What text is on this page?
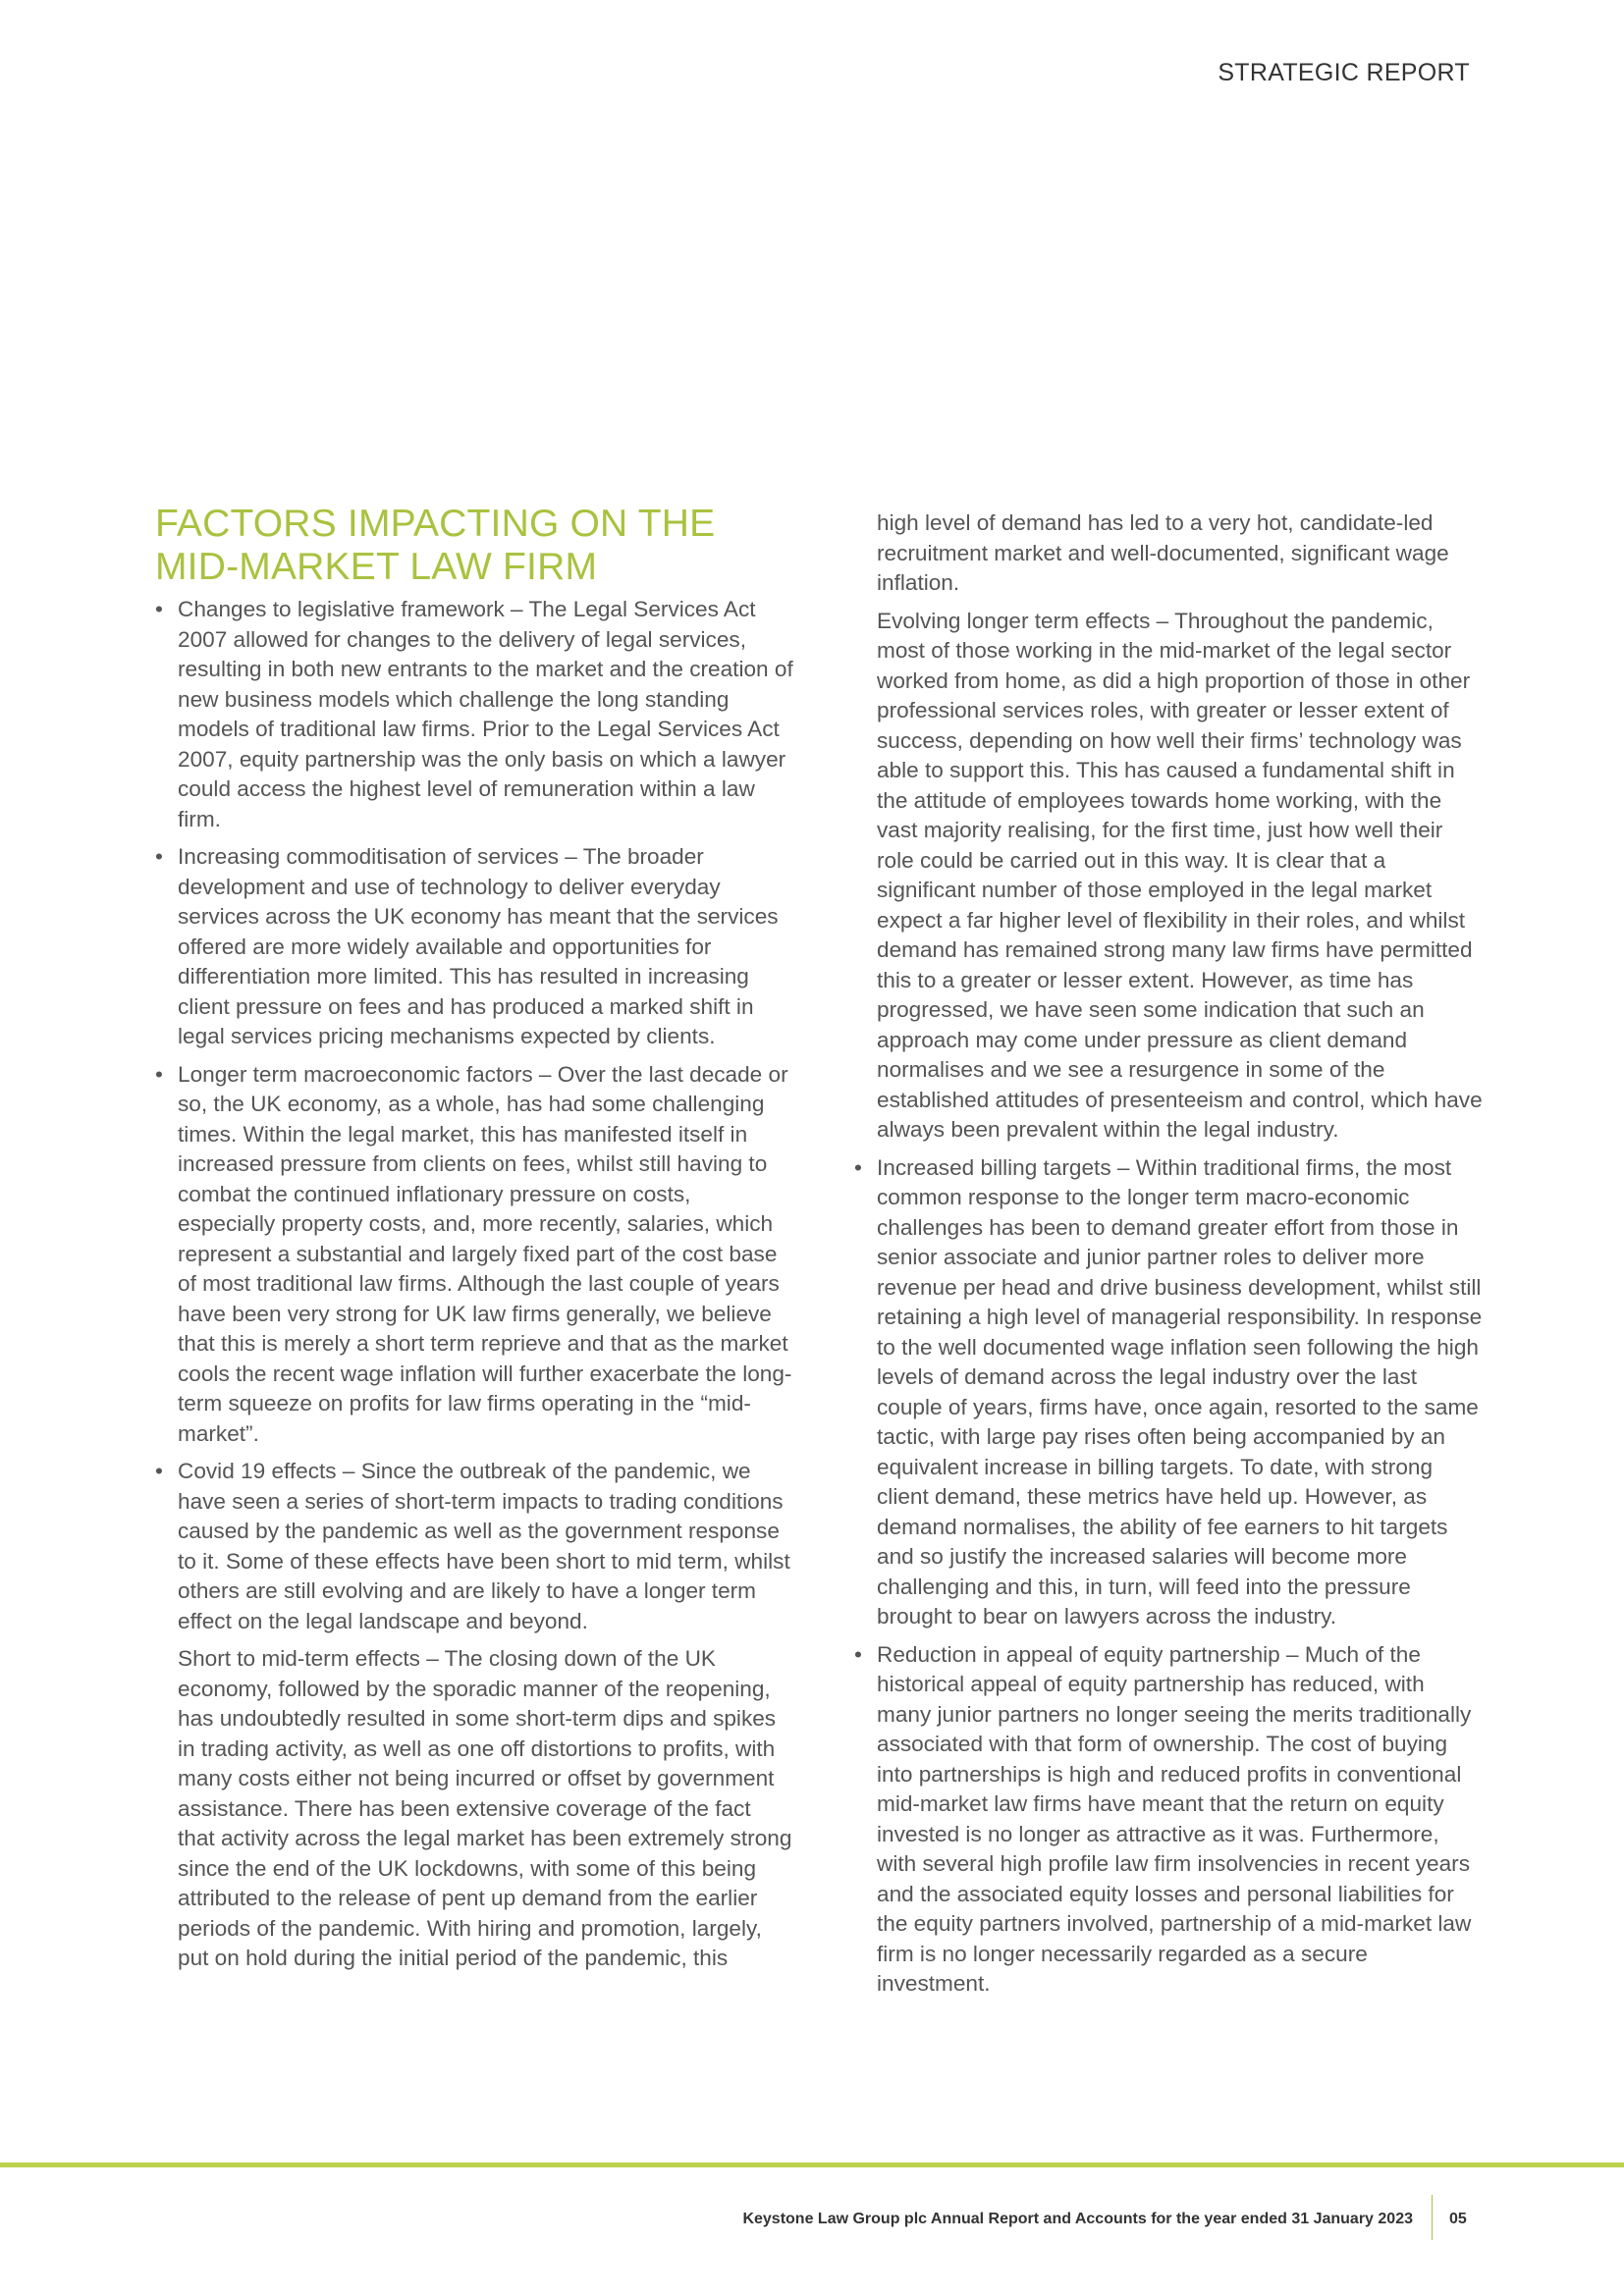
STRATEGIC REPORT
FACTORS IMPACTING ON THE
MID-MARKET LAW FIRM
• Changes to legislative framework – The Legal Services Act 2007 allowed for changes to the delivery of legal services, resulting in both new entrants to the market and the creation of new business models which challenge the long standing models of traditional law firms. Prior to the Legal Services Act 2007, equity partnership was the only basis on which a lawyer could access the highest level of remuneration within a law firm.
• Increasing commoditisation of services – The broader development and use of technology to deliver everyday services across the UK economy has meant that the services offered are more widely available and opportunities for differentiation more limited. This has resulted in increasing client pressure on fees and has produced a marked shift in legal services pricing mechanisms expected by clients.
• Longer term macroeconomic factors – Over the last decade or so, the UK economy, as a whole, has had some challenging times. Within the legal market, this has manifested itself in increased pressure from clients on fees, whilst still having to combat the continued inflationary pressure on costs, especially property costs, and, more recently, salaries, which represent a substantial and largely fixed part of the cost base of most traditional law firms. Although the last couple of years have been very strong for UK law firms generally, we believe that this is merely a short term reprieve and that as the market cools the recent wage inflation will further exacerbate the long-term squeeze on profits for law firms operating in the “mid-market”.
• Covid 19 effects – Since the outbreak of the pandemic, we have seen a series of short-term impacts to trading conditions caused by the pandemic as well as the government response to it. Some of these effects have been short to mid term, whilst others are still evolving and are likely to have a longer term effect on the legal landscape and beyond.

Short to mid-term effects – The closing down of the UK economy, followed by the sporadic manner of the reopening, has undoubtedly resulted in some short-term dips and spikes in trading activity, as well as one off distortions to profits, with many costs either not being incurred or offset by government assistance. There has been extensive coverage of the fact that activity across the legal market has been extremely strong since the end of the UK lockdowns, with some of this being attributed to the release of pent up demand from the earlier periods of the pandemic. With hiring and promotion, largely, put on hold during the initial period of the pandemic, this

high level of demand has led to a very hot, candidate-led recruitment market and well-documented, significant wage inflation.

Evolving longer term effects – Throughout the pandemic, most of those working in the mid-market of the legal sector worked from home, as did a high proportion of those in other professional services roles, with greater or lesser extent of success, depending on how well their firms’ technology was able to support this. This has caused a fundamental shift in the attitude of employees towards home working, with the vast majority realising, for the first time, just how well their role could be carried out in this way. It is clear that a significant number of those employed in the legal market expect a far higher level of flexibility in their roles, and whilst demand has remained strong many law firms have permitted this to a greater or lesser extent. However, as time has progressed, we have seen some indication that such an approach may come under pressure as client demand normalises and we see a resurgence in some of the established attitudes of presenteeism and control, which have always been prevalent within the legal industry.

• Increased billing targets – Within traditional firms, the most common response to the longer term macro-economic challenges has been to demand greater effort from those in senior associate and junior partner roles to deliver more revenue per head and drive business development, whilst still retaining a high level of managerial responsibility. In response to the well documented wage inflation seen following the high levels of demand across the legal industry over the last couple of years, firms have, once again, resorted to the same tactic, with large pay rises often being accompanied by an equivalent increase in billing targets. To date, with strong client demand, these metrics have held up. However, as demand normalises, the ability of fee earners to hit targets and so justify the increased salaries will become more challenging and this, in turn, will feed into the pressure brought to bear on lawyers across the industry.
• Reduction in appeal of equity partnership – Much of the historical appeal of equity partnership has reduced, with many junior partners no longer seeing the merits traditionally associated with that form of ownership. The cost of buying into partnerships is high and reduced profits in conventional mid-market law firms have meant that the return on equity invested is no longer as attractive as it was. Furthermore, with several high profile law firm insolvencies in recent years and the associated equity losses and personal liabilities for the equity partners involved, partnership of a mid-market law firm is no longer necessarily regarded as a secure investment.
Keystone Law Group plc Annual Report and Accounts for the year ended 31 January 2023 05
